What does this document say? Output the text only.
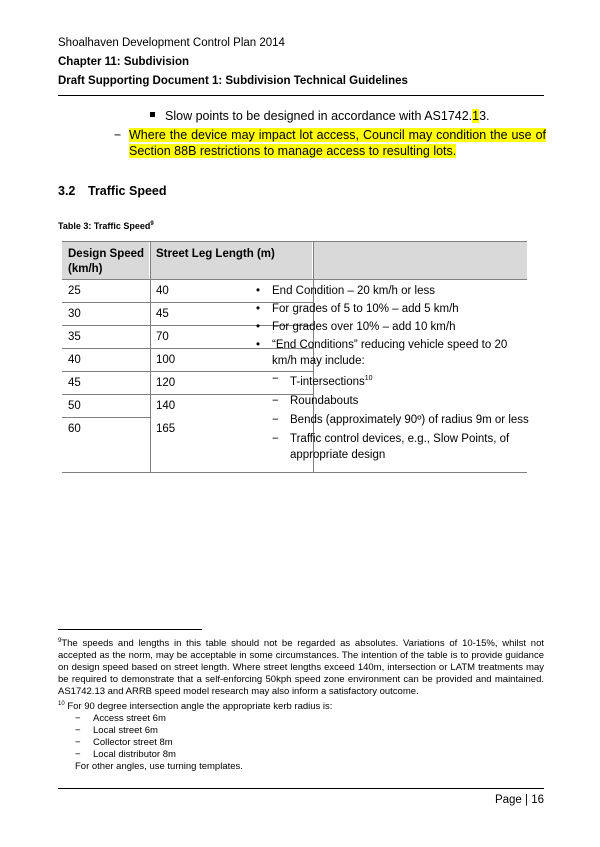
Shoalhaven Development Control Plan 2014
Chapter 11: Subdivision
Draft Supporting Document 1: Subdivision Technical Guidelines
Slow points to be designed in accordance with AS1742.13.
− Where the device may impact lot access, Council may condition the use of Section 88B restrictions to manage access to resulting lots.
3.2 Traffic Speed
Table 3: Traffic Speed$^9$
Design Speed (km/h)
Street Leg Length (m)
25	40
30	45
35	70
40	100
45	120
50	140
60	165
• End Condition – 20 km/h or less
• For grades of 5 to 10% – add 5 km/h
• For grades over 10% – add 10 km/h
• “End Conditions” reducing vehicle speed to 20 km/h may include:
− T-intersections$^{10}$
− Roundabouts
− Bends (approximately 90º) of radius 9m or less
− Traffic control devices, e.g., Slow Points, of appropriate design

$^9$The speeds and lengths in this table should not be regarded as absolutes. Variations of 10-15%, whilst not accepted as the norm, may be acceptable in some circumstances. The intention of the table is to provide guidance on design speed based on street length. Where street lengths exceed 140m, intersection or LATM treatments may be required to demonstrate that a self-enforcing 50kph speed zone environment can be provided and maintained. AS1742.13 and ARRB speed model research may also inform a satisfactory outcome.

$^{10}$ For 90 degree intersection angle the appropriate kerb radius is:

− Access street 6m
− Local street 6m
− Collector street 8m
− Local distributor 8m

For other angles, use turning templates.

Page | 16
